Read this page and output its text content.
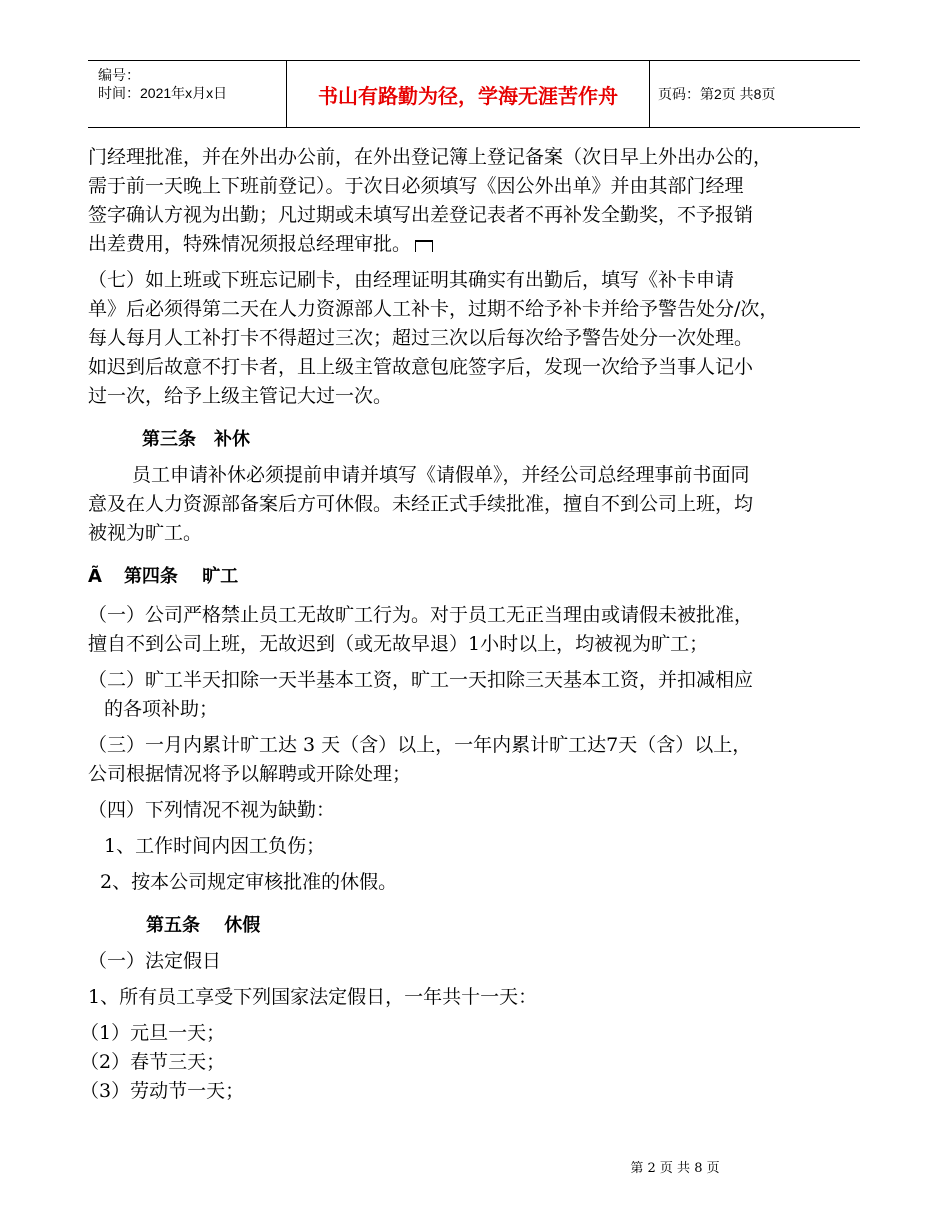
编号：
时间：2021年x月x日	书山有路勤为径，学海无涯苦作舟	页码：第2页 共8页

门经理批准，并在外出办公前，在外出登记簿上登记备案（次日早上外出办公的，

需于前一天晚上下班前登记）。于次日必须填写《因公外出单》并由其部门经理

签字确认方视为出勤；凡过期或未填写出差登记表者不再补发全勤奖，不予报销

出差费用，特殊情况须报总经理审批。

（七）如上班或下班忘记刷卡，由经理证明其确实有出勤后，填写《补卡申请

单》后必须得第二天在人力资源部人工补卡，过期不给予补卡并给予警告处分/次，

每人每月人工补打卡不得超过三次；超过三次以后每次给予警告处分一次处理。

如迟到后故意不打卡者，且上级主管故意包庇签字后，发现一次给予当事人记小

过一次，给予上级主管记大过一次。

第三条　补休

员工申请补休必须提前申请并填写《请假单》，并经公司总经理事前书面同

意及在人力资源部备案后方可休假。未经正式手续批准，擅自不到公司上班，均

被视为旷工。

Ã 第四条　 旷工

（一）公司严格禁止员工无故旷工行为。对于员工无正当理由或请假未被批准，

擅自不到公司上班，无故迟到（或无故早退）1小时以上，均被视为旷工；

（二）旷工半天扣除一天半基本工资，旷工一天扣除三天基本工资，并扣减相应

的各项补助；

（三）一月内累计旷工达 3 天（含）以上，一年内累计旷工达7天（含）以上，

公司根据情况将予以解聘或开除处理；

（四）下列情况不视为缺勤：

1、工作时间内因工负伤；

2、按本公司规定审核批准的休假。

第五条　 休假

（一）法定假日

1、所有员工享受下列国家法定假日，一年共十一天：

（1）元旦一天；

（2）春节三天；

（3）劳动节一天；

第 2 页 共 8 页
